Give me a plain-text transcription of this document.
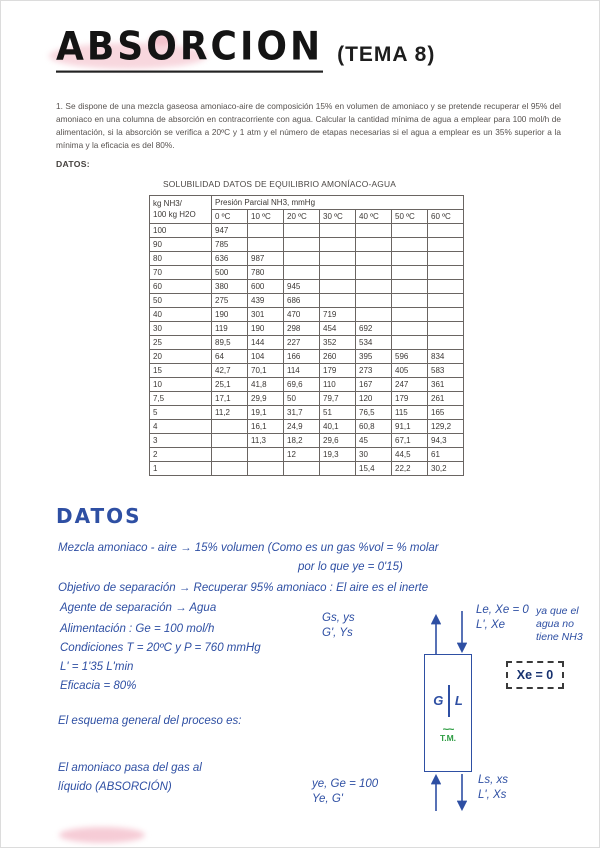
ABSORCION (TEMA 8)

1. Se dispone de una mezcla gaseosa amoniaco-aire de composición 15% en volumen de amoniaco y se pretende recuperar el 95% del amoniaco en una columna de absorción en contracorriente con agua. Calcular la cantidad mínima de agua a emplear para 100 mol/h de alimentación, si la absorción se verifica a 20ºC y 1 atm y el número de etapas necesarias si el agua a emplear es un 35% superior a la mínima y la eficacia es del 80%.

DATOS:
SOLUBILIDAD DATOS DE EQUILIBRIO AMONÍACO-AGUA
kg NH3/
100 kg H2O	Presión Parcial NH3, mmHg						
	0 ºC	10 ºC	20 ºC	30 ºC	40 ºC	50 ºC	60 ºC
100	947						
90	785						
80	636	987					
70	500	780					
60	380	600	945				
50	275	439	686				
40	190	301	470	719			
30	119	190	298	454	692		
25	89,5	144	227	352	534		
20	64	104	166	260	395	596	834
15	42,7	70,1	114	179	273	405	583
10	25,1	41,8	69,6	110	167	247	361
7,5	17,1	29,9	50	79,7	120	179	261
5	11,2	19,1	31,7	51	76,5	115	165
4		16,1	24,9	40,1	60,8	91,1	129,2
3		11,3	18,2	29,6	45	67,1	94,3
2			12	19,3	30	44,5	61
1					15,4	22,2	30,2
DATOS
Mezcla amoniaco - aire → 15% volumen (Como es un gas %vol = % molar
por lo que ye = 0'15)
Objetivo de separación → Recuperar 95% amoniaco : El aire es el inerte
Agente de separación → Agua
Alimentación : Ge = 100 mol/h
Condiciones T = 20ºC y P = 760 mmHg
L' = 1'35 L'min
Eficacia = 80%
El esquema general del proceso es:
El amoniaco pasa del gas al
líquido (ABSORCIÓN)
G L
~~
T.M.
Gs, ys
G', Ys
Le, Xe = 0
L', Xe
ya que el agua no tiene NH3
Xe = 0
ye, Ge = 100
Ye, G'
Ls, xs
L', Xs
